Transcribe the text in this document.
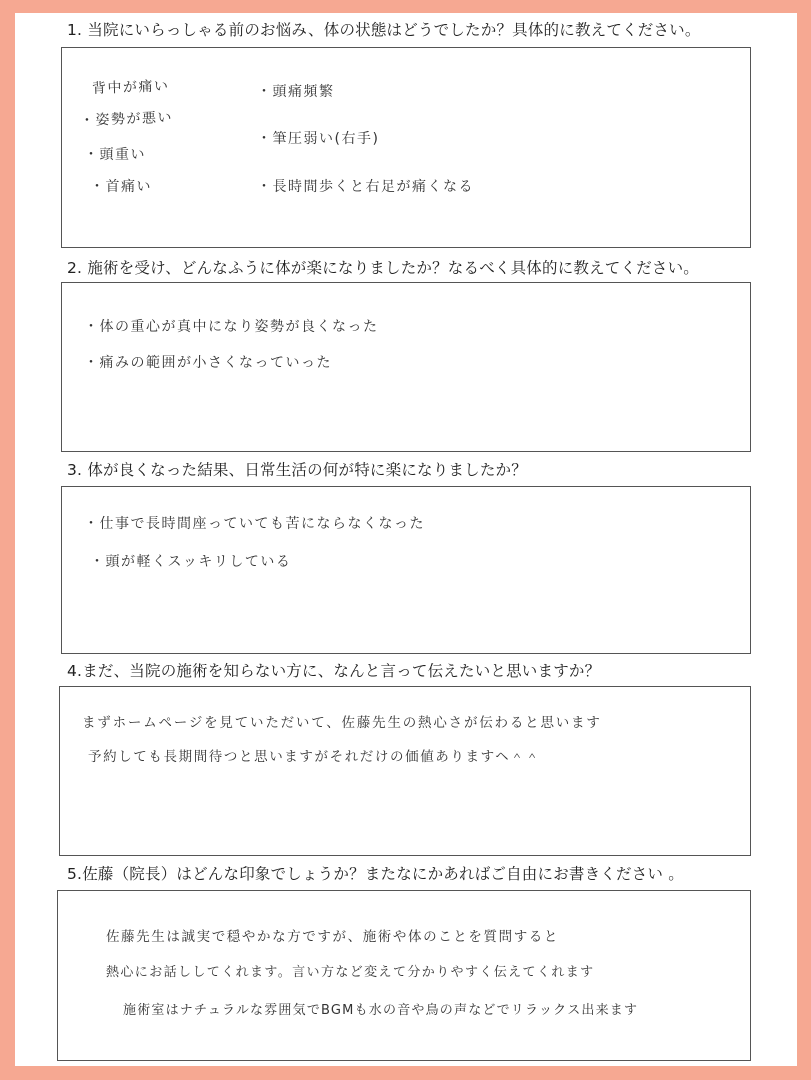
1. 当院にいらっしゃる前のお悩み、体の状態はどうでしたか？具体的に教えてください。
背中が痛い
・姿勢が悪い
・頭重い
・首痛い
・頭痛頻繁
・筆圧弱い(右手)
・長時間歩くと右足が痛くなる
2. 施術を受け、どんなふうに体が楽になりましたか？なるべく具体的に教えてください。
・体の重心が真中になり姿勢が良くなった
・痛みの範囲が小さくなっていった
3. 体が良くなった結果、日常生活の何が特に楽になりましたか？
・仕事で長時間座っていても苦にならなくなった
・頭が軽くスッキリしている
4.まだ、当院の施術を知らない方に、なんと言って伝えたいと思いますか？
まずホームページを見ていただいて、佐藤先生の熱心さが伝わると思います
予約しても長期間待つと思いますがそれだけの価値ありますヘ＾＾
5.佐藤（院長）はどんな印象でしょうか？またなにかあればご自由にお書きください 。
佐藤先生は誠実で穏やかな方ですが、施術や体のことを質問すると
熱心にお話ししてくれます。言い方など変えて分かりやすく伝えてくれます
施術室はナチュラルな雰囲気でBGMも水の音や鳥の声などでリラックス出来ます
